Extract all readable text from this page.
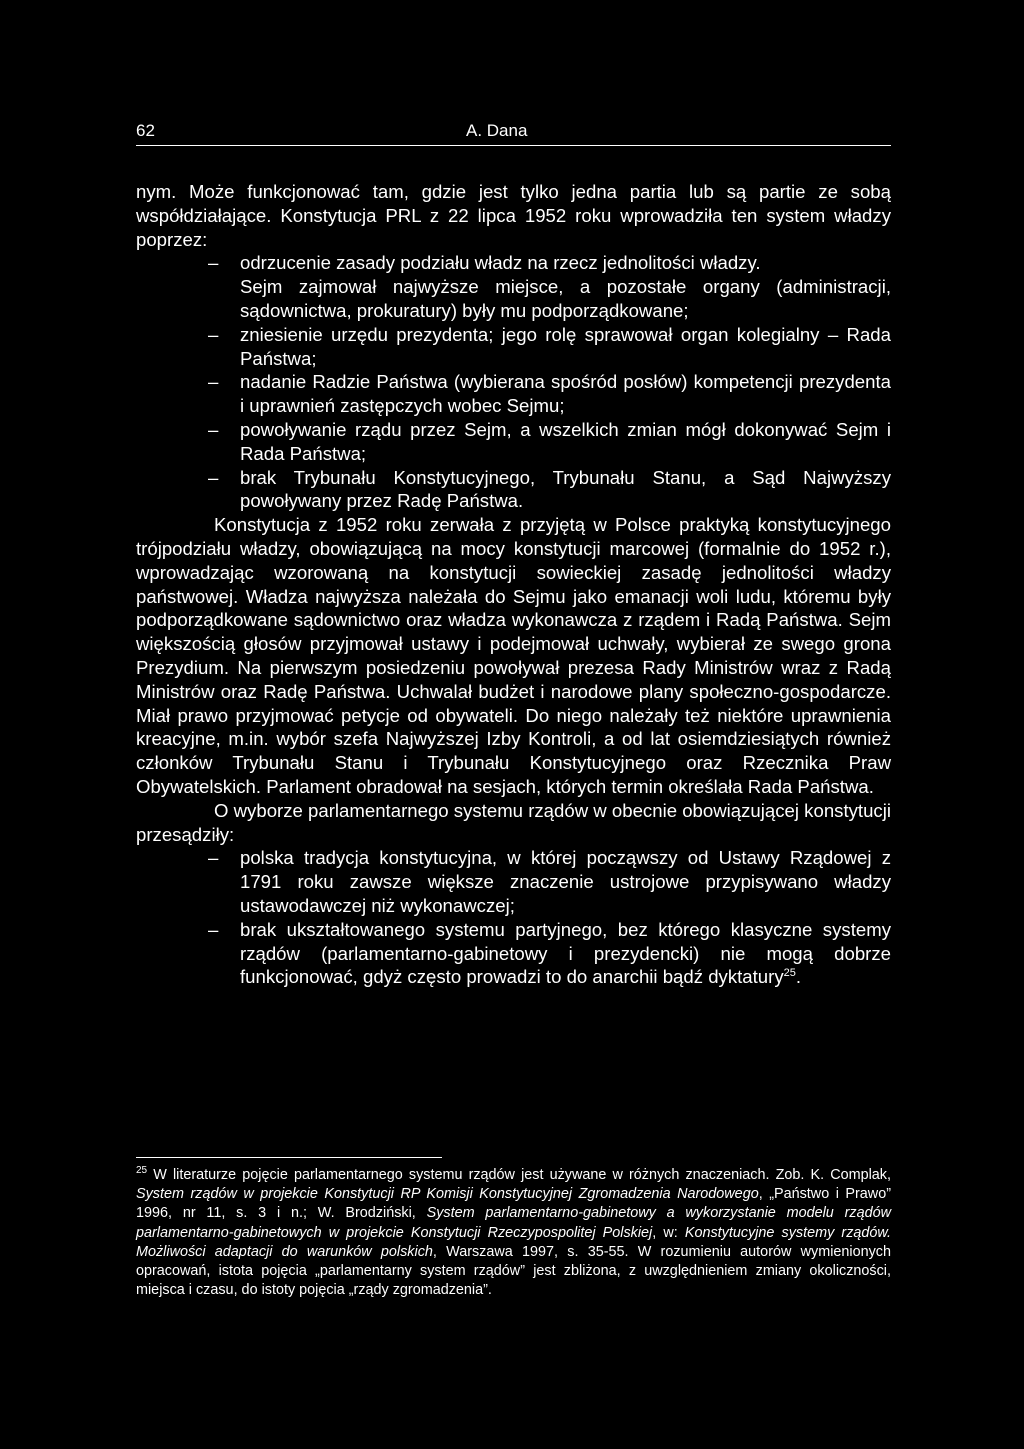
62	A. Dana

nym. Może funkcjonować tam, gdzie jest tylko jedna partia lub są partie ze sobą współdziałające. Konstytucja PRL z 22 lipca 1952 roku wprowadziła ten system władzy poprzez:

– odrzucenie zasady podziału władz na rzecz jednolitości władzy.

Sejm zajmował najwyższe miejsce, a pozostałe organy (administracji, sądownictwa, prokuratury) były mu podporządkowane;

– zniesienie urzędu prezydenta; jego rolę sprawował organ kolegialny – Rada Państwa;
– nadanie Radzie Państwa (wybierana spośród posłów) kompetencji prezydenta i uprawnień zastępczych wobec Sejmu;
– powoływanie rządu przez Sejm, a wszelkich zmian mógł dokonywać Sejm i Rada Państwa;
– brak Trybunału Konstytucyjnego, Trybunału Stanu, a Sąd Najwyższy powoływany przez Radę Państwa.

Konstytucja z 1952 roku zerwała z przyjętą w Polsce praktyką konstytucyjnego trójpodziału władzy, obowiązującą na mocy konstytucji marcowej (formalnie do 1952 r.), wprowadzając wzorowaną na konstytucji sowieckiej zasadę jednolitości władzy państwowej. Władza najwyższa należała do Sejmu jako emanacji woli ludu, któremu były podporządkowane sądownictwo oraz władza wykonawcza z rządem i Radą Państwa. Sejm większością głosów przyjmował ustawy i podejmował uchwały, wybierał ze swego grona Prezydium. Na pierwszym posiedzeniu powoływał prezesa Rady Ministrów wraz z Radą Ministrów oraz Radę Państwa. Uchwalał budżet i narodowe plany społeczno-gospodarcze. Miał prawo przyjmować petycje od obywateli. Do niego należały też niektóre uprawnienia kreacyjne, m.in. wybór szefa Najwyższej Izby Kontroli, a od lat osiemdziesiątych również członków Trybunału Stanu i Trybunału Konstytucyjnego oraz Rzecznika Praw Obywatelskich. Parlament obradował na sesjach, których termin określała Rada Państwa.

O wyborze parlamentarnego systemu rządów w obecnie obowiązującej konstytucji przesądziły:

– polska tradycja konstytucyjna, w której począwszy od Ustawy Rządowej z 1791 roku zawsze większe znaczenie ustrojowe przypisywano władzy ustawodawczej niż wykonawczej;
– brak ukształtowanego systemu partyjnego, bez którego klasyczne systemy rządów (parlamentarno-gabinetowy i prezydencki) nie mogą dobrze funkcjonować, gdyż często prowadzi to do anarchii bądź dyktatury$^{25}$.

$^{25}$ W literaturze pojęcie parlamentarnego systemu rządów jest używane w różnych znaczeniach. Zob. K. Complak, System rządów w projekcie Konstytucji RP Komisji Konstytucyjnej Zgromadzenia Narodowego, „Państwo i Prawo” 1996, nr 11, s. 3 i n.; W. Brodziński, System parlamentarno-gabinetowy a wykorzystanie modelu rządów parlamentarno-gabinetowych w projekcie Konstytucji Rzeczypospolitej Polskiej, w: Konstytucyjne systemy rządów. Możliwości adaptacji do warunków polskich, Warszawa 1997, s. 35-55. W rozumieniu autorów wymienionych opracowań, istota pojęcia „parlamentarny system rządów” jest zbliżona, z uwzględnieniem zmiany okoliczności, miejsca i czasu, do istoty pojęcia „rządy zgromadzenia”.
